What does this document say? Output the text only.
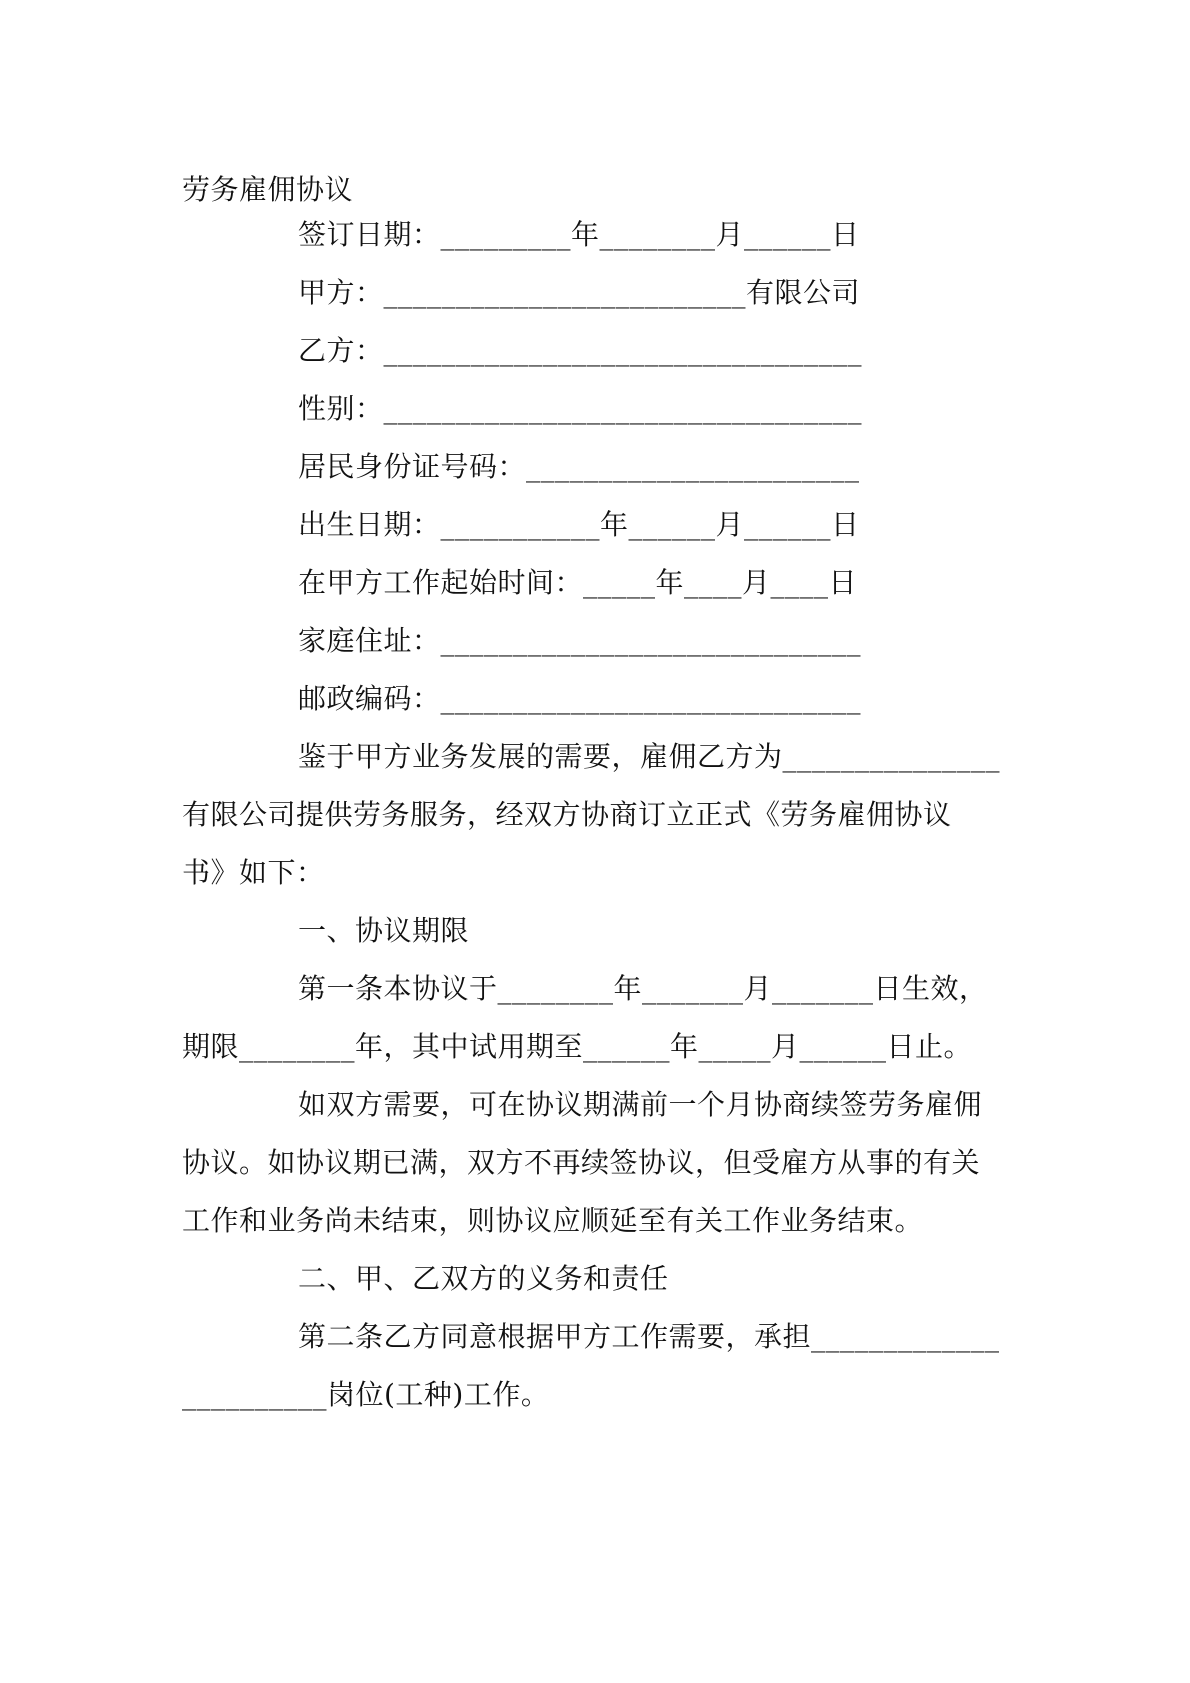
劳务雇佣协议
签订日期：_________年________月______日
甲方：_________________________有限公司
乙方：_________________________________
性别：_________________________________
居民身份证号码：_______________________
出生日期：___________年______月______日
在甲方工作起始时间：_____年____月____日
家庭住址：_____________________________
邮政编码：_____________________________
鉴于甲方业务发展的需要，雇佣乙方为_______________
有限公司提供劳务服务，经双方协商订立正式《劳务雇佣协议
书》如下：
一、协议期限
第一条本协议于________年_______月_______日生效，
期限________年，其中试用期至______年_____月______日止。
如双方需要，可在协议期满前一个月协商续签劳务雇佣
协议。如协议期已满，双方不再续签协议，但受雇方从事的有关
工作和业务尚未结束，则协议应顺延至有关工作业务结束。
二、甲、乙双方的义务和责任
第二条乙方同意根据甲方工作需要，承担_____________
__________岗位(工种)工作。
